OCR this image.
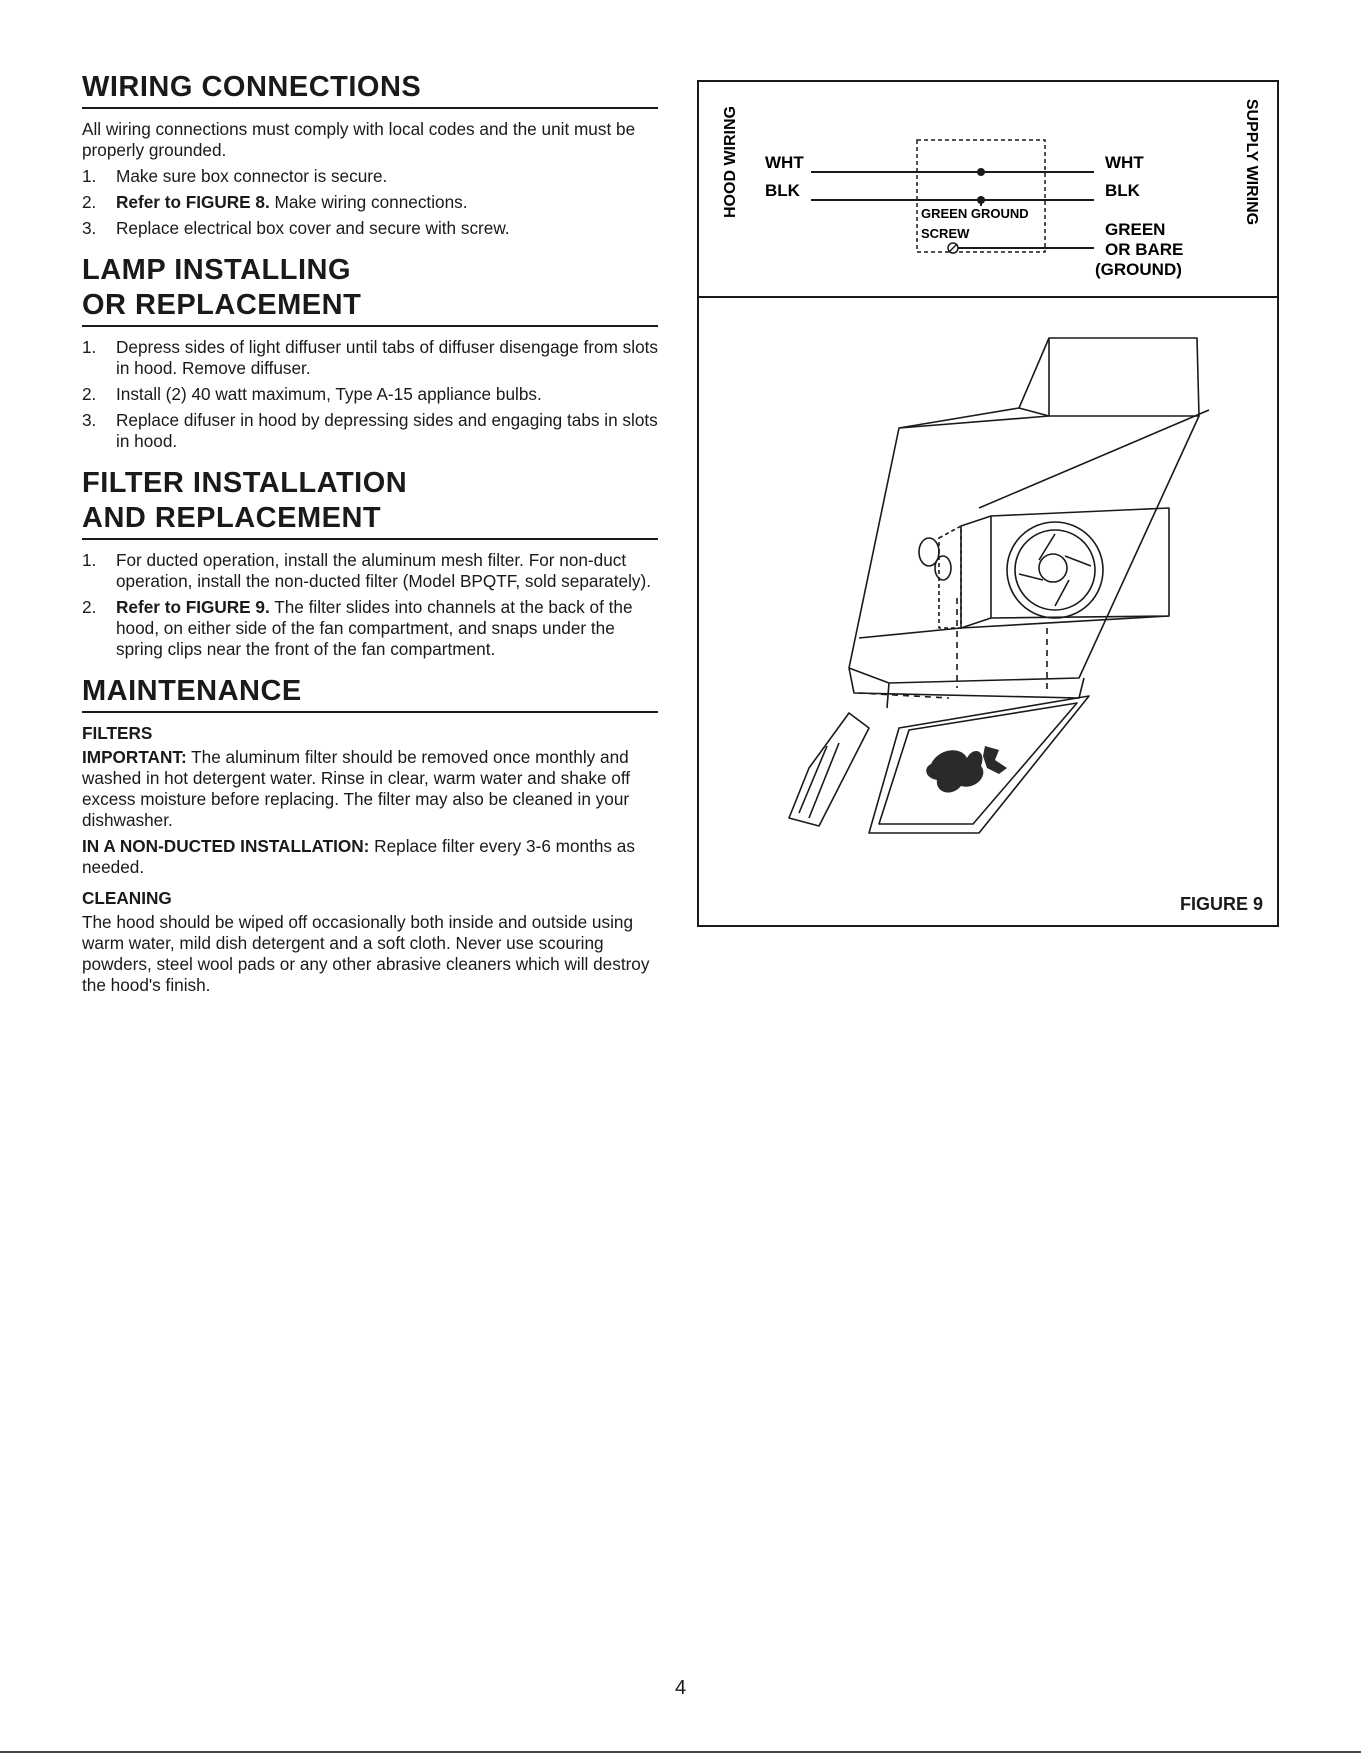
WIRING CONNECTIONS

All wiring connections must comply with local codes and the unit must be properly grounded.

1. Make sure box connector is secure.
2. Refer to FIGURE 8. Make wiring connections.
3. Replace electrical box cover and secure with screw.
LAMP INSTALLING
OR REPLACEMENT
1. Depress sides of light diffuser until tabs of diffuser disengage from slots in hood. Remove diffuser.
2. Install (2) 40 watt maximum, Type A-15 appliance bulbs.
3. Replace difuser in hood by depressing sides and engaging tabs in slots in hood.
FILTER INSTALLATION
AND REPLACEMENT
1. For ducted operation, install the aluminum mesh filter. For non-duct operation, install the non-ducted filter (Model BPQTF, sold separately).
2. Refer to FIGURE 9. The filter slides into channels at the back of the hood, on either side of the fan compartment, and snaps under the spring clips near the front of the fan compartment.
MAINTENANCE
FILTERS

IMPORTANT: The aluminum filter should be removed once monthly and washed in hot detergent water. Rinse in clear, warm water and shake off excess moisture before replacing. The filter may also be cleaned in your dishwasher.

IN A NON-DUCTED INSTALLATION: Replace filter every 3-6 months as needed.

CLEANING

The hood should be wiped off occasionally both inside and outside using warm water, mild dish detergent and a soft cloth. Never use scouring powders, steel wool pads or any other abrasive cleaners which will destroy the hood's finish.

HOOD WIRING	SUPPLY WIRING
WHT
BLK
WHT
BLK
GREEN GROUND
SCREW	GREEN
OR BARE
(GROUND)
FIGURE 9
4
